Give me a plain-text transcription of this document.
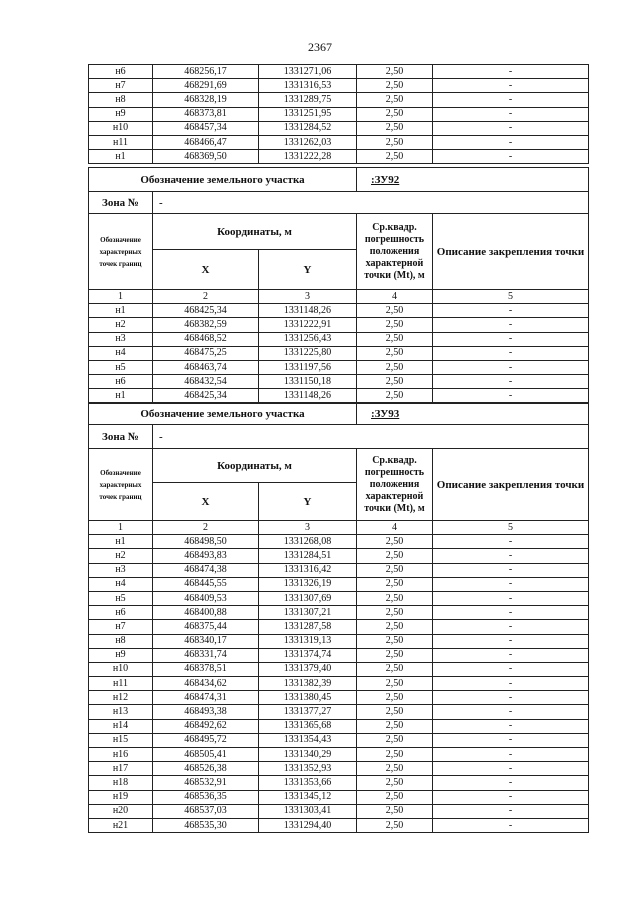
2367
н6	468256,17	1331271,06	2,50	-
н7	468291,69	1331316,53	2,50	-
н8	468328,19	1331289,75	2,50	-
н9	468373,81	1331251,95	2,50	-
н10	468457,34	1331284,52	2,50	-
н11	468466,47	1331262,03	2,50	-
н1	468369,50	1331222,28	2,50	-
Обозначение земельного участка			:ЗУ92	
Зона №	-			
Обозначение характерных точек границ	Координаты, м		Ср.квадр. погрешность положения характерной точки (Mt), м	Описание закрепления точки
	X	Y		
1	2	3	4	5
н1	468425,34	1331148,26	2,50	-
н2	468382,59	1331222,91	2,50	-
н3	468468,52	1331256,43	2,50	-
н4	468475,25	1331225,80	2,50	-
н5	468463,74	1331197,56	2,50	-
н6	468432,54	1331150,18	2,50	-
н1	468425,34	1331148,26	2,50	-
Обозначение земельного участка			:ЗУ93	
Зона №	-			
Обозначение характерных точек границ	Координаты, м		Ср.квадр. погрешность положения характерной точки (Mt), м	Описание закрепления точки
	X	Y		
1	2	3	4	5
н1	468498,50	1331268,08	2,50	-
н2	468493,83	1331284,51	2,50	-
н3	468474,38	1331316,42	2,50	-
н4	468445,55	1331326,19	2,50	-
н5	468409,53	1331307,69	2,50	-
н6	468400,88	1331307,21	2,50	-
н7	468375,44	1331287,58	2,50	-
н8	468340,17	1331319,13	2,50	-
н9	468331,74	1331374,74	2,50	-
н10	468378,51	1331379,40	2,50	-
н11	468434,62	1331382,39	2,50	-
н12	468474,31	1331380,45	2,50	-
н13	468493,38	1331377,27	2,50	-
н14	468492,62	1331365,68	2,50	-
н15	468495,72	1331354,43	2,50	-
н16	468505,41	1331340,29	2,50	-
н17	468526,38	1331352,93	2,50	-
н18	468532,91	1331353,66	2,50	-
н19	468536,35	1331345,12	2,50	-
н20	468537,03	1331303,41	2,50	-
н21	468535,30	1331294,40	2,50	-
